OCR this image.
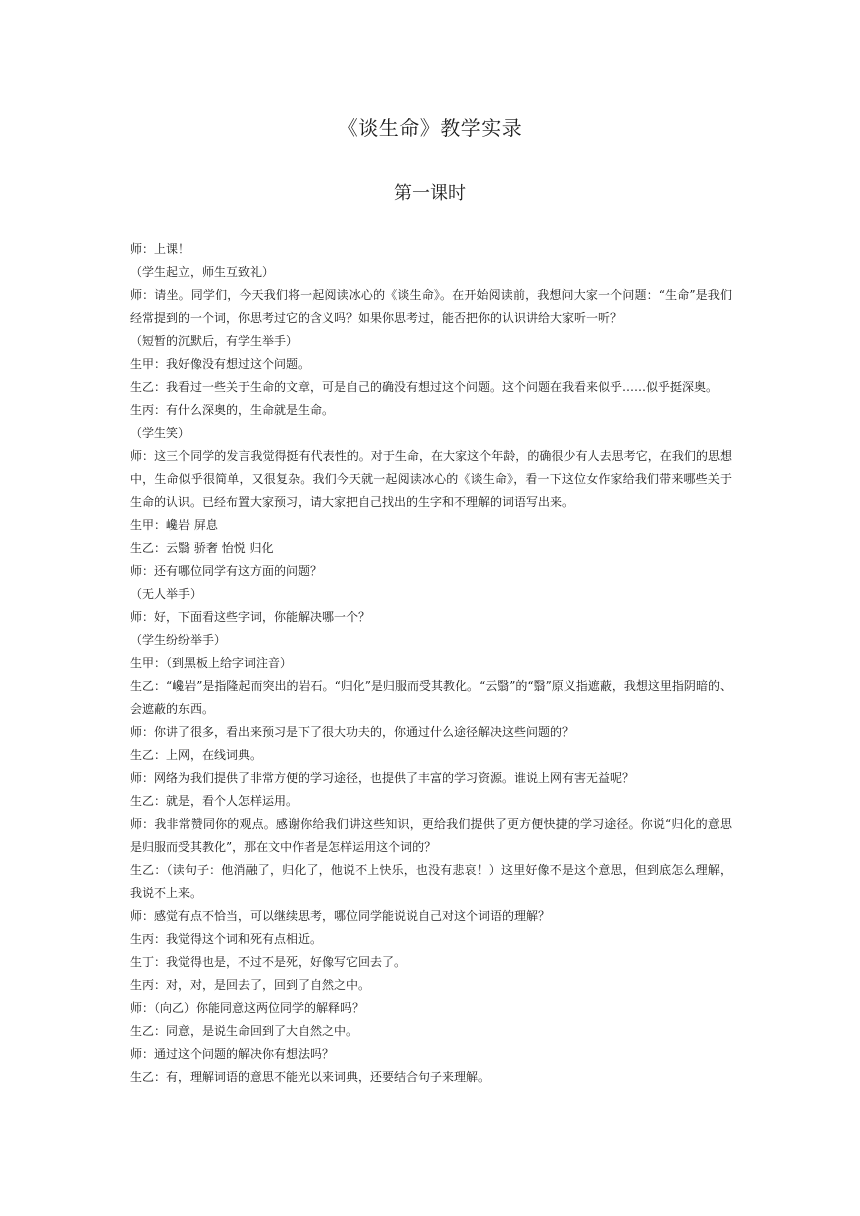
《谈生命》教学实录
第一课时

师：上课！

（学生起立，师生互致礼）

师：请坐。同学们，今天我们将一起阅读冰心的《谈生命》。在开始阅读前，我想问大家一个问题：“生命”是我们经常提到的一个词，你思考过它的含义吗？如果你思考过，能否把你的认识讲给大家听一听？

（短暂的沉默后，有学生举手）

生甲：我好像没有想过这个问题。

生乙：我看过一些关于生命的文章，可是自己的确没有想过这个问题。这个问题在我看来似乎……似乎挺深奥。

生丙：有什么深奥的，生命就是生命。

（学生笑）

师：这三个同学的发言我觉得挺有代表性的。对于生命，在大家这个年龄，的确很少有人去思考它，在我们的思想中，生命似乎很简单，又很复杂。我们今天就一起阅读冰心的《谈生命》，看一下这位女作家给我们带来哪些关于生命的认识。已经布置大家预习，请大家把自己找出的生字和不理解的词语写出来。

生甲：巉岩 屏息

生乙：云翳 骄奢 怡悦 归化

师：还有哪位同学有这方面的问题？

（无人举手）

师：好，下面看这些字词，你能解决哪一个？

（学生纷纷举手）

生甲：（到黑板上给字词注音）

生乙：“巉岩”是指隆起而突出的岩石。“归化”是归服而受其教化。“云翳”的“翳”原义指遮蔽，我想这里指阴暗的、会遮蔽的东西。

师：你讲了很多，看出来预习是下了很大功夫的，你通过什么途径解决这些问题的？

生乙：上网，在线词典。

师：网络为我们提供了非常方便的学习途径，也提供了丰富的学习资源。谁说上网有害无益呢？

生乙：就是，看个人怎样运用。

师：我非常赞同你的观点。感谢你给我们讲这些知识，更给我们提供了更方便快捷的学习途径。你说“归化的意思是归服而受其教化”，那在文中作者是怎样运用这个词的？

生乙：（读句子：他消融了，归化了，他说不上快乐，也没有悲哀！）这里好像不是这个意思，但到底怎么理解，我说不上来。

师：感觉有点不恰当，可以继续思考，哪位同学能说说自己对这个词语的理解？

生丙：我觉得这个词和死有点相近。

生丁：我觉得也是，不过不是死，好像写它回去了。

生丙：对，对，是回去了，回到了自然之中。

师：（向乙）你能同意这两位同学的解释吗？

生乙：同意，是说生命回到了大自然之中。

师：通过这个问题的解决你有想法吗？

生乙：有，理解词语的意思不能光以来词典，还要结合句子来理解。
